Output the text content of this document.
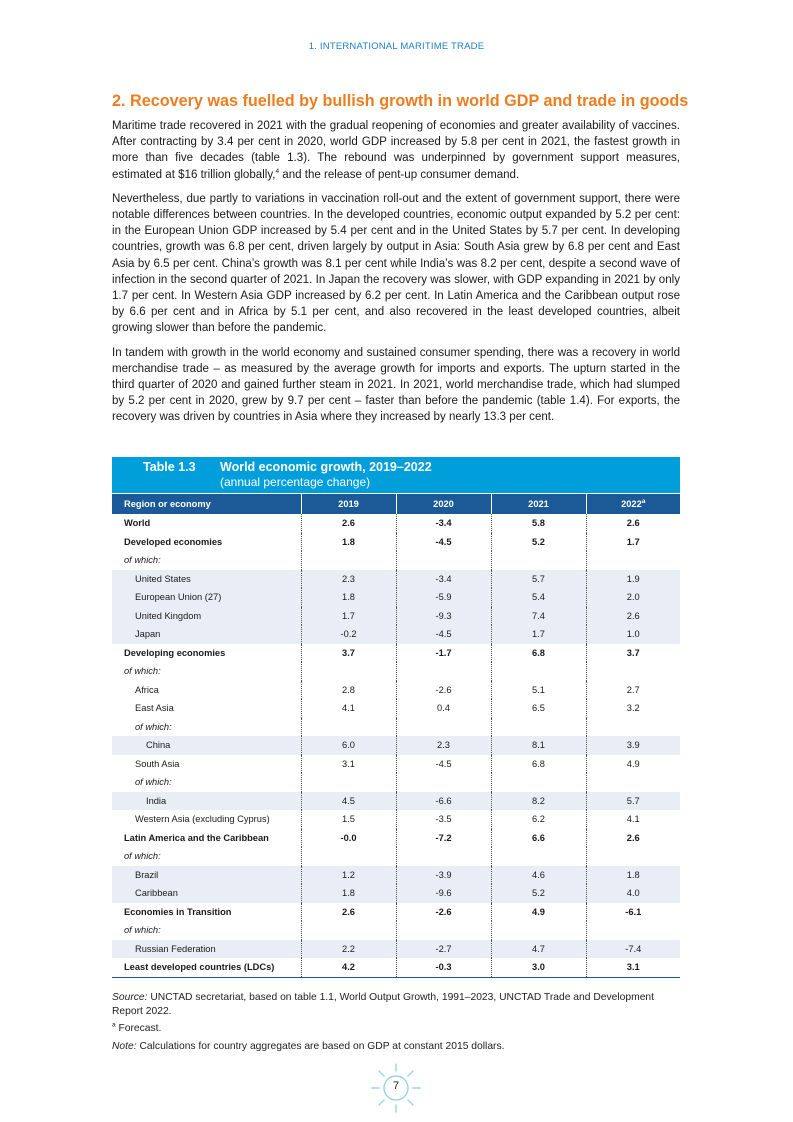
1. INTERNATIONAL MARITIME TRADE
2. Recovery was fuelled by bullish growth in world GDP and trade in goods

Maritime trade recovered in 2021 with the gradual reopening of economies and greater availability of vaccines. After contracting by 3.4 per cent in 2020, world GDP increased by 5.8 per cent in 2021, the fastest growth in more than five decades (table 1.3). The rebound was underpinned by government support measures, estimated at $16 trillion globally,$^4$ and the release of pent-up consumer demand.

Nevertheless, due partly to variations in vaccination roll-out and the extent of government support, there were notable differences between countries. In the developed countries, economic output expanded by 5.2 per cent: in the European Union GDP increased by 5.4 per cent and in the United States by 5.7 per cent. In developing countries, growth was 6.8 per cent, driven largely by output in Asia: South Asia grew by 6.8 per cent and East Asia by 6.5 per cent. China’s growth was 8.1 per cent while India’s was 8.2 per cent, despite a second wave of infection in the second quarter of 2021. In Japan the recovery was slower, with GDP expanding in 2021 by only 1.7 per cent. In Western Asia GDP increased by 6.2 per cent. In Latin America and the Caribbean output rose by 6.6 per cent and in Africa by 5.1 per cent, and also recovered in the least developed countries, albeit growing slower than before the pandemic.

In tandem with growth in the world economy and sustained consumer spending, there was a recovery in world merchandise trade – as measured by the average growth for imports and exports. The upturn started in the third quarter of 2020 and gained further steam in 2021. In 2021, world merchandise trade, which had slumped by 5.2 per cent in 2020, grew by 9.7 per cent – faster than before the pandemic (table 1.4). For exports, the recovery was driven by countries in Asia where they increased by nearly 13.3 per cent.

Table 1.3 World economic growth, 2019–2022
(annual percentage change)
Region or economy	2019	2020	2021	2022$^a$
World	2.6	-3.4	5.8	2.6
Developed economies	1.8	-4.5	5.2	1.7
of which:				
United States	2.3	-3.4	5.7	1.9
European Union (27)	1.8	-5.9	5.4	2.0
United Kingdom	1.7	-9.3	7.4	2.6
Japan	-0.2	-4.5	1.7	1.0
Developing economies	3.7	-1.7	6.8	3.7
of which:				
Africa	2.8	-2.6	5.1	2.7
East Asia	4.1	0.4	6.5	3.2
of which:				
China	6.0	2.3	8.1	3.9
South Asia	3.1	-4.5	6.8	4.9
of which:				
India	4.5	-6.6	8.2	5.7
Western Asia (excluding Cyprus)	1.5	-3.5	6.2	4.1
Latin America and the Caribbean	-0.0	-7.2	6.6	2.6
of which:				
Brazil	1.2	-3.9	4.6	1.8
Caribbean	1.8	-9.6	5.2	4.0
Economies in Transition	2.6	-2.6	4.9	-6.1
of which:				
Russian Federation	2.2	-2.7	4.7	-7.4
Least developed countries (LDCs)	4.2	-0.3	3.0	3.1

Source: UNCTAD secretariat, based on table 1.1, World Output Growth, 1991–2023, UNCTAD Trade and Development Report 2022.

$^a$ Forecast.

Note: Calculations for country aggregates are based on GDP at constant 2015 dollars.

7
